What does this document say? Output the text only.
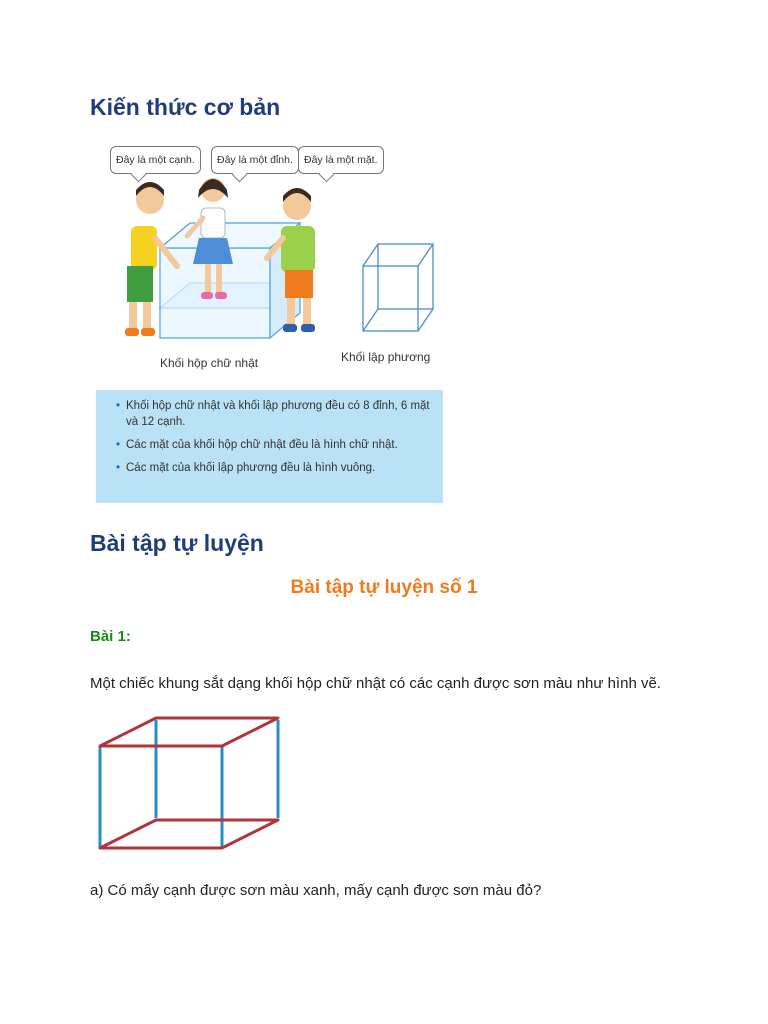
Kiến thức cơ bản
Đây là một cạnh.	Đây là một đỉnh.	Đây là một mặt.
Khối hộp chữ nhật	Khối lập phương
• Khối hộp chữ nhật và khối lập phương đều có 8 đỉnh, 6 mặt và 12 cạnh.
• Các mặt của khối hộp chữ nhật đều là hình chữ nhật.
• Các mặt của khối lập phương đều là hình vuông.
Bài tập tự luyện
Bài tập tự luyện số 1

Bài 1:

Một chiếc khung sắt dạng khối hộp chữ nhật có các cạnh được sơn màu như hình vẽ.

a) Có mấy cạnh được sơn màu xanh, mấy cạnh được sơn màu đỏ?
